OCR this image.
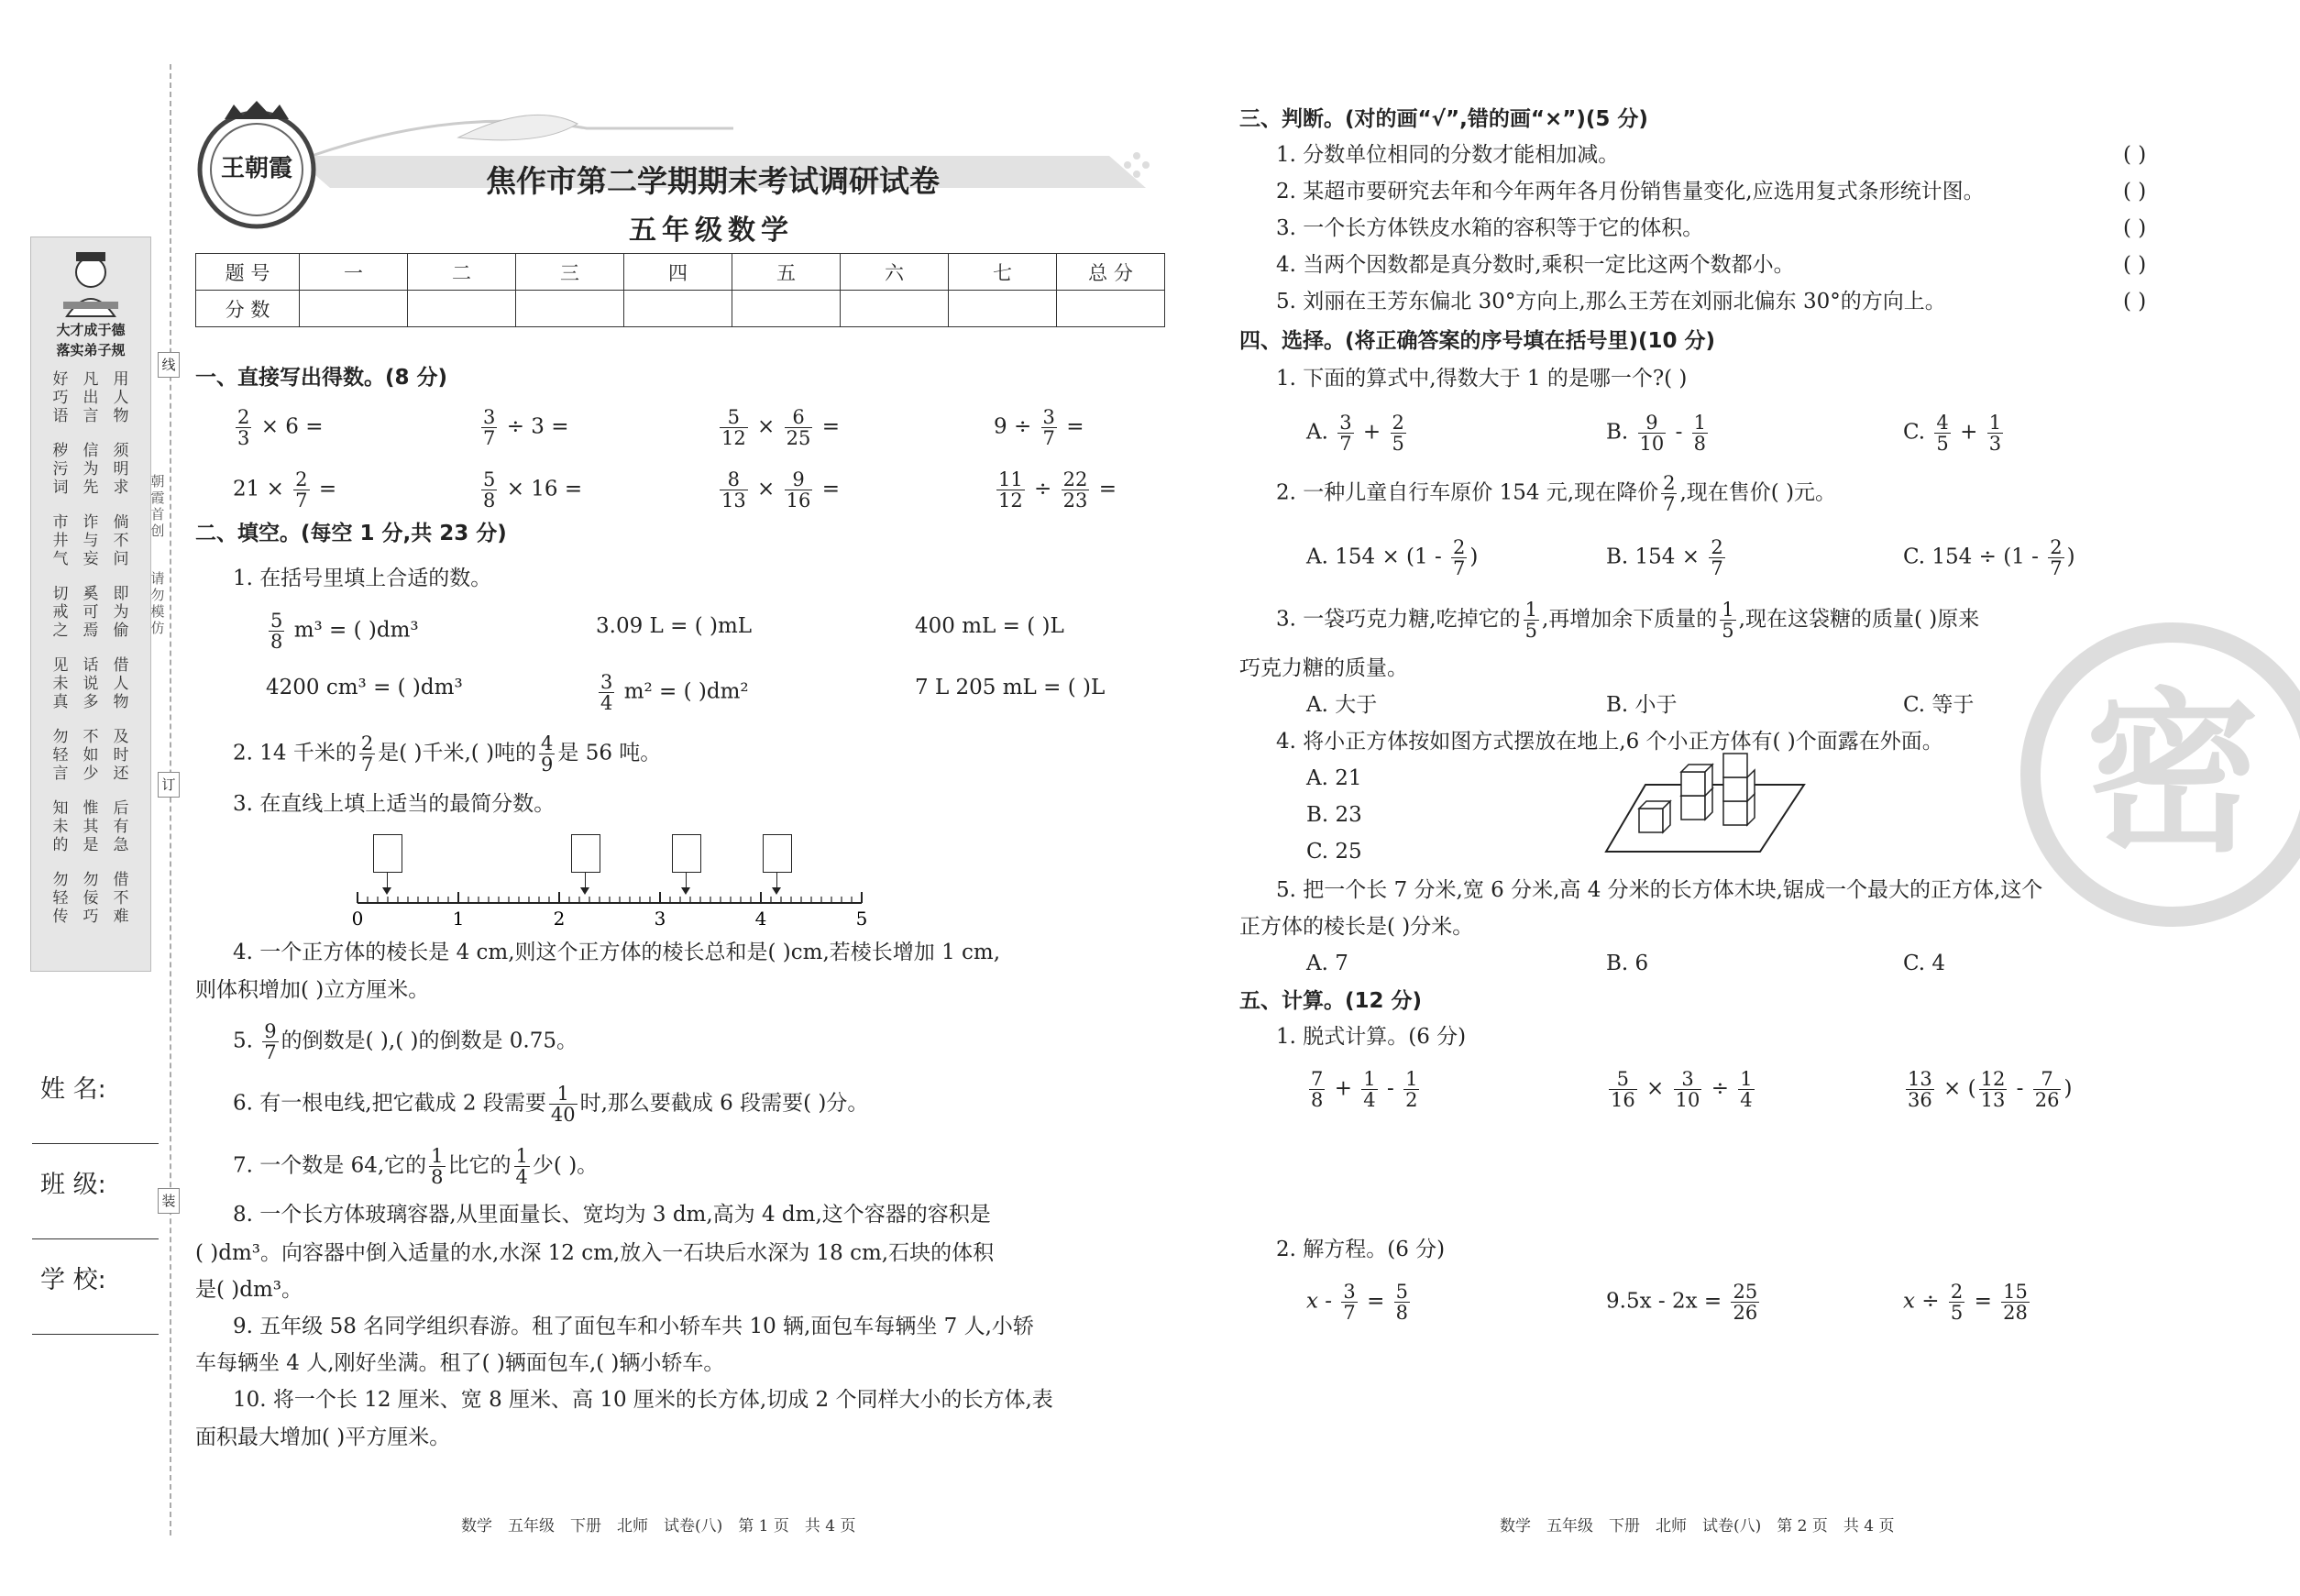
大才成于德
落实弟子规
好
巧
语
凡
出
言
用
人
物
秽
污
词
信
为
先
须
明
求
市
井
气
诈
与
妄
倘
不
问
切
戒
之
奚
可
焉
即
为
偷
见
未
真
话
说
多
借
人
物
勿
轻
言
不
如
少
及
时
还
知
未
的
惟
其
是
后
有
急
勿
轻
传
勿
佞
巧
借
不
难
姓 名:
班 级:
学 校:
线
订
装
朝
霞
首
创
请
勿
模
仿
王朝霞	焦作市第二学期期末考试调研试卷
五年级数学
题 号	一	二	三	四	五	六	七	总 分
分 数								
一、直接写出得数。(8 分)
$\frac{2}{3} \times 6$ =	$\frac{3}{7} \div 3$ =	$\frac{5}{12} \times \frac{6}{25}$ =	$9 \div \frac{3}{7}$ =
$21 \times \frac{2}{7}$ =	$\frac{5}{8} \times 16$ =	$\frac{8}{13} \times \frac{9}{16}$ =	$\frac{11}{12} \div \frac{22}{23}$ =
二、填空。(每空 1 分,共 23 分)
1. 在括号里填上合适的数。
$\frac{5}{8} m^3$ = ( )dm³	3.09 L = ( )mL	400 mL = ( )L
4200 cm³ = ( )dm³	$\frac{3}{4} m^2$ = ( )dm²	7 L 205 mL = ( )L
2. 14 千米的 $\frac{2}{7}$ 是( )千米,( )吨的 $\frac{4}{9}$ 是 56 吨。
3. 在直线上填上适当的最简分数。
0	1	2	3	4	5
4. 一个正方体的棱长是 4 cm,则这个正方体的棱长总和是( )cm,若棱长增加 1 cm,
则体积增加( )立方厘米。
5. $\frac{9}{7}$ 的倒数是( ),( )的倒数是 0.75。
6. 有一根电线,把它截成 2 段需要 $\frac{1}{40}$ 时,那么要截成 6 段需要( )分。
7. 一个数是 64,它的 $\frac{1}{8}$ 比它的 $\frac{1}{4}$ 少( )。
8. 一个长方体玻璃容器,从里面量长、宽均为 3 dm,高为 4 dm,这个容器的容积是
( )dm³。向容器中倒入适量的水,水深 12 cm,放入一石块后水深为 18 cm,石块的体积
是( )dm³。
9. 五年级 58 名同学组织春游。租了面包车和小轿车共 10 辆,面包车每辆坐 7 人,小轿
车每辆坐 4 人,刚好坐满。租了( )辆面包车,( )辆小轿车。
10. 将一个长 12 厘米、宽 8 厘米、高 10 厘米的长方体,切成 2 个同样大小的长方体,表
面积最大增加( )平方厘米。
数学　五年级　下册　北师　试卷(八)　第 1 页　共 4 页
密
三、判断。(对的画“√”,错的画“×”)(5 分)
1. 分数单位相同的分数才能相加减。	( )
2. 某超市要研究去年和今年两年各月份销售量变化,应选用复式条形统计图。	( )
3. 一个长方体铁皮水箱的容积等于它的体积。	( )
4. 当两个因数都是真分数时,乘积一定比这两个数都小。	( )
5. 刘丽在王芳东偏北 30°方向上,那么王芳在刘丽北偏东 30°的方向上。	( )
四、选择。(将正确答案的序号填在括号里)(10 分)
1. 下面的算式中,得数大于 1 的是哪一个?( )
A. $\frac{3}{7} + \frac{2}{5}$	B. $\frac{9}{10} - \frac{1}{8}$	C. $\frac{4}{5} + \frac{1}{3}$
2. 一种儿童自行车原价 154 元,现在降价 $\frac{2}{7}$ ,现在售价( )元。
A. $154 \times (1 - \frac{2}{7}$ )	B. $154 \times \frac{2}{7}$	C. $154 \div (1 - \frac{2}{7}$ )
3. 一袋巧克力糖,吃掉它的 $\frac{1}{5}$ ,再增加余下质量的 $\frac{1}{5}$ ,现在这袋糖的质量( )原来
巧克力糖的质量。
A. 大于	B. 小于	C. 等于
4. 将小正方体按如图方式摆放在地上,6 个小正方体有( )个面露在外面。
A. 21
B. 23
C. 25
5. 把一个长 7 分米,宽 6 分米,高 4 分米的长方体木块,锯成一个最大的正方体,这个
正方体的棱长是( )分米。
A. 7	B. 6	C. 4
五、计算。(12 分)
1. 脱式计算。(6 分)
$\frac{7}{8} + \frac{1}{4} - \frac{1}{2}$	$\frac{5}{16} \times \frac{3}{10} \div \frac{1}{4}$	$\frac{13}{36}$ × ( $\frac{12}{13} - \frac{7}{26}$ )
2. 解方程。(6 分)
$x - \frac{3}{7} = \frac{5}{8}$	$9.5x - 2x = \frac{25}{26}$	$x \div \frac{2}{5} = \frac{15}{28}$
数学　五年级　下册　北师　试卷(八)　第 2 页　共 4 页
